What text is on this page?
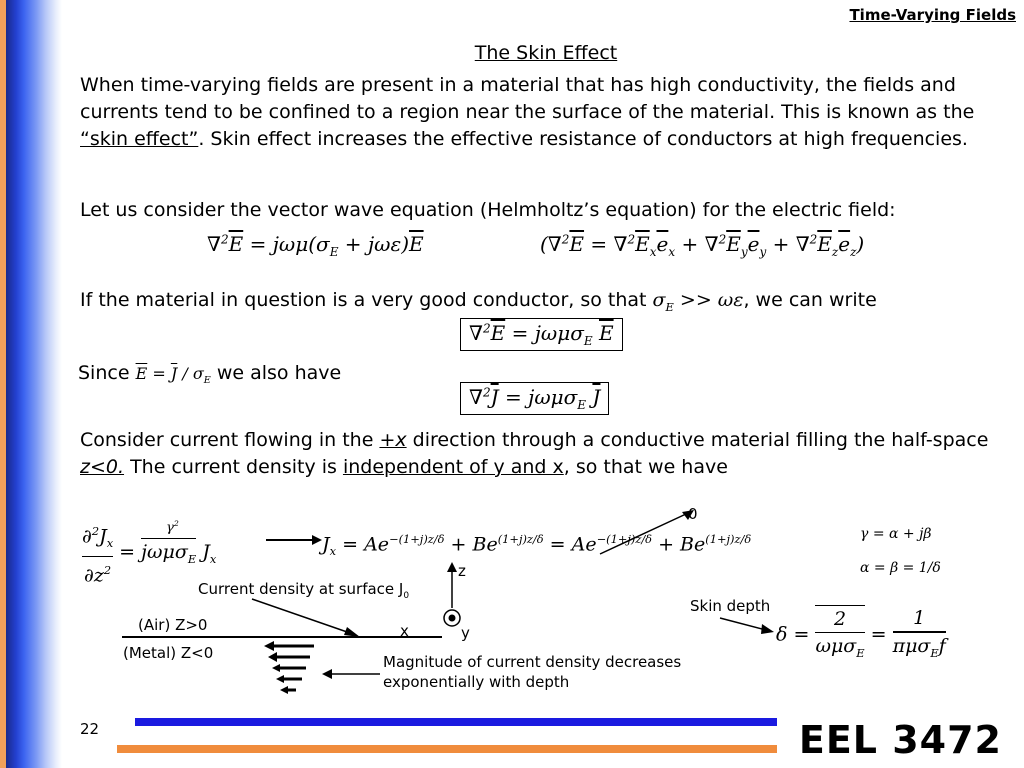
Time-Varying Fields
The Skin Effect
When time-varying fields are present in a material that has high conductivity, the fields and currents tend to be confined to a region near the surface of the material. This is known as the “skin effect”. Skin effect increases the effective resistance of conductors at high frequencies.
Let us consider the vector wave equation (Helmholtz’s equation) for the electric field:
$\nabla^2\overline{E} = j\omega\mu(\sigma_E + j\omega\varepsilon)\overline{E}$	$(\nabla^2\overline{E} = \nabla^2\overline{E}_x\overline{e}_x + \nabla^2\overline{E}_y\overline{e}_y + \nabla^2\overline{E}_z\overline{e}_z)$
If the material in question is a very good conductor, so that $\sigma_E >> \omega\varepsilon$, we can write
$\nabla^2\overline{E} = j\omega\mu\sigma_E$ $\overline{E}$
Since $\overline{E} = \overline{J} / \sigma_E$ we also have
$\nabla^2\overline{J} = j\omega\mu\sigma_E$ $\overline{J}$
Consider current flowing in the +x direction through a conductive material filling the half-space z<0. The current density is independent of y and x, so that we have
$\frac{\partial^2J_x}{\partial z^2}$ =
$\gamma^2$
jωμσ$_E$ $J_x$
$J_x = Ae^{-(1+j)z/\delta} + Be^{(1+j)z/\delta} = Ae^{-(1+j)z/\delta} + Be^{(1+j)z/\delta}$
0
γ = α + jβ
α = β = 1/δ
Current density at surface $J_0$
z
x	y
(Air) Z>0
(Metal) Z<0	Magnitude of current density decreases exponentially with depth
Skin depth
δ =
2
ωμσ$_E$
=
1
πμσ$_E$f
22	EEL 3472
